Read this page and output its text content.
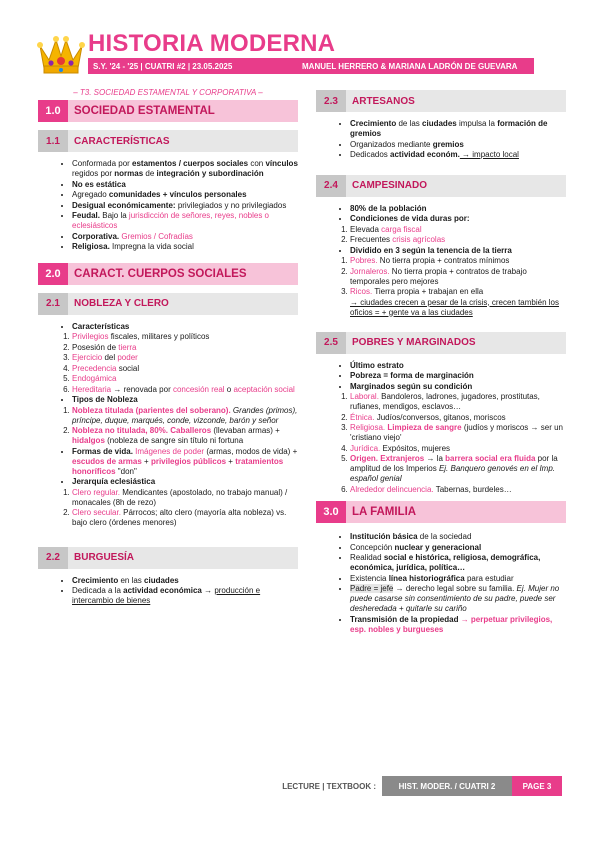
HISTORIA MODERNA
S.Y. '24 - '25 | CUATRI #2 | 23.05.2025	MANUEL HERRERO & MARIANA LADRÓN DE GUEVARA
– T3. SOCIEDAD ESTAMENTAL Y CORPORATIVA –
1.0	SOCIEDAD ESTAMENTAL
1.1	CARACTERÍSTICAS
• Conformada por estamentos / cuerpos sociales con vínculos regidos por normas de integración y subordinación
• No es estática
• Agregado comunidades + vínculos personales
• Desigual económicamente: privilegiados y no privilegiados
• Feudal. Bajo la jurisdicción de señores, reyes, nobles o eclesiásticos
• Corporativa. Gremios / Cofradías
• Religiosa. Impregna la vida social
2.0	CARACT. CUERPOS SOCIALES
2.1	NOBLEZA Y CLERO
• Características
1. Privilegios fiscales, militares y políticos
2. Posesión de tierra
3. Ejercicio del poder
4. Precedencia social
5. Endogámica
6. Hereditaria → renovada por concesión real o aceptación social
• Tipos de Nobleza
1. Nobleza titulada (parientes del soberano). Grandes (primos), príncipe, duque, marqués, conde, vizconde, barón y señor
2. Nobleza no titulada, 80%. Caballeros (llevaban armas) + hidalgos (nobleza de sangre sin título ni fortuna
• Formas de vida. Imágenes de poder (armas, modos de vida) + escudos de armas + privilegios públicos + tratamientos honoríficos "don"
• Jerarquía eclesiástica
1. Clero regular. Mendicantes (apostolado, no trabajo manual) / monacales (8h de rezo)
2. Clero secular. Párrocos; alto clero (mayoría alta nobleza) vs. bajo clero (órdenes menores)
2.2	BURGUESÍA
• Crecimiento en las ciudades
• Dedicada a la actividad económica → producción e intercambio de bienes
2.3	ARTESANOS
• Crecimiento de las ciudades impulsa la formación de gremios
• Organizados mediante gremios
• Dedicados actividad económ. → impacto local
2.4	CAMPESINADO
• 80% de la población
• Condiciones de vida duras por:
1. Elevada carga fiscal
2. Frecuentes crisis agrícolas
• Dividido en 3 según la tenencia de la tierra
1. Pobres. No tierra propia + contratos mínimos
2. Jornaleros. No tierra propia + contratos de trabajo temporales pero mejores
3. Ricos. Tierra propia + trabajan en ella
→ ciudades crecen a pesar de la crisis, crecen también los oficios = + gente va a las ciudades
2.5	POBRES Y MARGINADOS
• Último estrato
• Pobreza = forma de marginación
• Marginados según su condición
1. Laboral. Bandoleros, ladrones, jugadores, prostitutas, rufianes, mendigos, esclavos…
2. Étnica. Judíos/conversos, gitanos, moriscos
3. Religiosa. Limpieza de sangre (judíos y moriscos → ser un 'cristiano viejo'
4. Jurídica. Expósitos, mujeres
5. Origen. Extranjeros → la barrera social era fluida por la amplitud de los Imperios Ej. Banquero genovés en el Imp. español genial
6. Alrededor delincuencia. Tabernas, burdeles…
3.0	LA FAMILIA
• Institución básica de la sociedad
• Concepción nuclear y generacional
• Realidad social e histórica, religiosa, demográfica, económica, jurídica, política…
• Existencia línea historiográfica para estudiar
• Padre = jefe → derecho legal sobre su familia. Ej. Mujer no puede casarse sin consentimiento de su padre, puede ser desheredada + quitarle su cariño
• Transmisión de la propiedad → perpetuar privilegios, esp. nobles y burgueses
LECTURE | TEXTBOOK :	HIST. MODER. / CUATRI 2	PAGE 3
